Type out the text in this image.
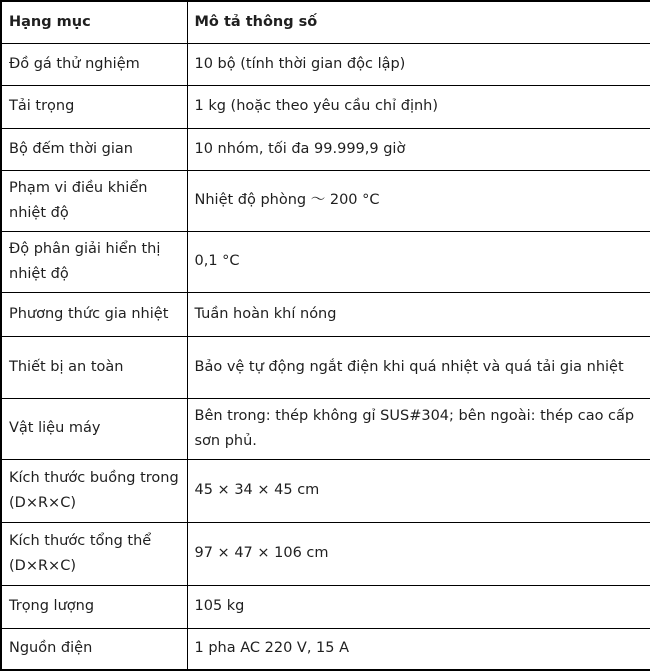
Hạng mục	Mô tả thông số
Đồ gá thử nghiệm	10 bộ (tính thời gian độc lập)
Tải trọng	1 kg (hoặc theo yêu cầu chỉ định)
Bộ đếm thời gian	10 nhóm, tối đa 99.999,9 giờ
Phạm vi điều khiển nhiệt độ	Nhiệt độ phòng ～ 200 °C
Độ phân giải hiển thị nhiệt độ	0,1 °C
Phương thức gia nhiệt	Tuần hoàn khí nóng
Thiết bị an toàn	Bảo vệ tự động ngắt điện khi quá nhiệt và quá tải gia nhiệt
Vật liệu máy	Bên trong: thép không gỉ SUS#304; bên ngoài: thép cao cấp sơn phủ.
Kích thước buồng trong (D×R×C)	45 × 34 × 45 cm
Kích thước tổng thể (D×R×C)	97 × 47 × 106 cm
Trọng lượng	105 kg
Nguồn điện	1 pha AC 220 V, 15 A
